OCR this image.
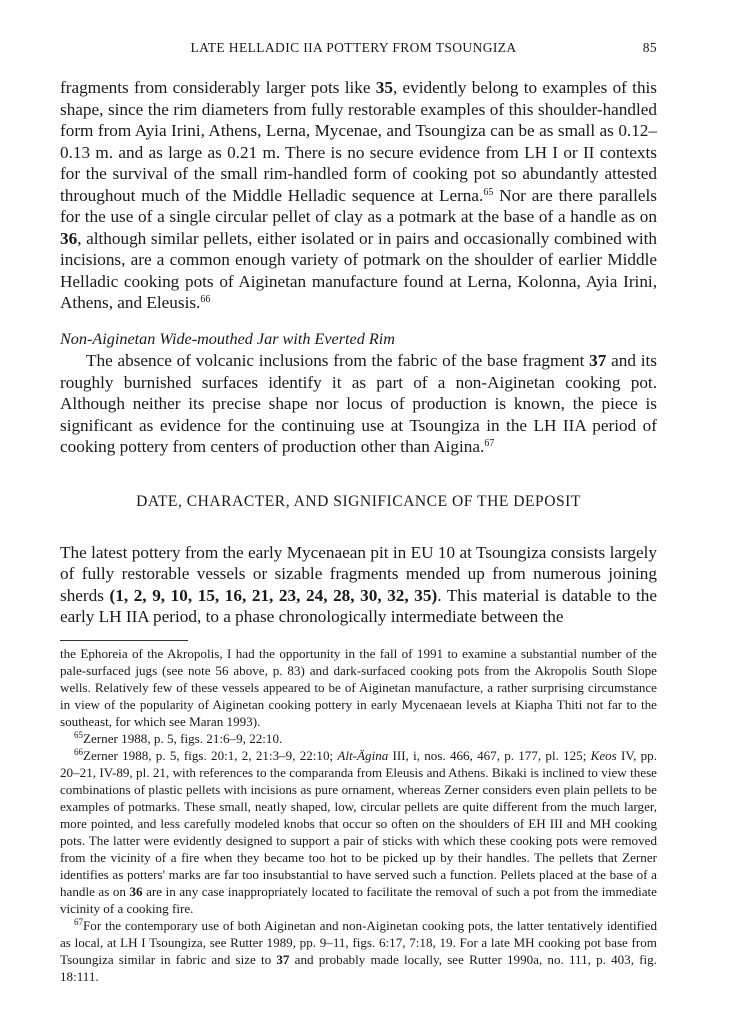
LATE HELLADIC IIA POTTERY FROM TSOUNGIZA	85

fragments from considerably larger pots like 35, evidently belong to examples of this shape, since the rim diameters from fully restorable examples of this shoulder-handled form from Ayia Irini, Athens, Lerna, Mycenae, and Tsoungiza can be as small as 0.12–0.13 m. and as large as 0.21 m. There is no secure evidence from LH I or II contexts for the survival of the small rim-handled form of cooking pot so abundantly attested throughout much of the Middle Helladic sequence at Lerna.$^{65}$ Nor are there parallels for the use of a single circular pellet of clay as a potmark at the base of a handle as on 36, although similar pellets, either isolated or in pairs and occasionally combined with incisions, are a common enough variety of potmark on the shoulder of earlier Middle Helladic cooking pots of Aiginetan manufacture found at Lerna, Kolonna, Ayia Irini, Athens, and Eleusis.$^{66}$

Non-Aiginetan Wide-mouthed Jar with Everted Rim

The absence of volcanic inclusions from the fabric of the base fragment 37 and its roughly burnished surfaces identify it as part of a non-Aiginetan cooking pot. Although neither its precise shape nor locus of production is known, the piece is significant as evidence for the continuing use at Tsoungiza in the LH IIA period of cooking pottery from centers of production other than Aigina.$^{67}$

DATE, CHARACTER, AND SIGNIFICANCE OF THE DEPOSIT

The latest pottery from the early Mycenaean pit in EU 10 at Tsoungiza consists largely of fully restorable vessels or sizable fragments mended up from numerous joining sherds (1, 2, 9, 10, 15, 16, 21, 23, 24, 28, 30, 32, 35). This material is datable to the early LH IIA period, to a phase chronologically intermediate between the

the Ephoreia of the Akropolis, I had the opportunity in the fall of 1991 to examine a substantial number of the pale-surfaced jugs (see note 56 above, p. 83) and dark-surfaced cooking pots from the Akropolis South Slope wells. Relatively few of these vessels appeared to be of Aiginetan manufacture, a rather surprising circumstance in view of the popularity of Aiginetan cooking pottery in early Mycenaean levels at Kiapha Thiti not far to the southeast, for which see Maran 1993).

$^{65}$Zerner 1988, p. 5, figs. 21:6–9, 22:10.

$^{66}$Zerner 1988, p. 5, figs. 20:1, 2, 21:3–9, 22:10; Alt-Ägina III, i, nos. 466, 467, p. 177, pl. 125; Keos IV, pp. 20–21, IV-89, pl. 21, with references to the comparanda from Eleusis and Athens. Bikaki is inclined to view these combinations of plastic pellets with incisions as pure ornament, whereas Zerner considers even plain pellets to be examples of potmarks. These small, neatly shaped, low, circular pellets are quite different from the much larger, more pointed, and less carefully modeled knobs that occur so often on the shoulders of EH III and MH cooking pots. The latter were evidently designed to support a pair of sticks with which these cooking pots were removed from the vicinity of a fire when they became too hot to be picked up by their handles. The pellets that Zerner identifies as potters' marks are far too insubstantial to have served such a function. Pellets placed at the base of a handle as on 36 are in any case inappropriately located to facilitate the removal of such a pot from the immediate vicinity of a cooking fire.

$^{67}$For the contemporary use of both Aiginetan and non-Aiginetan cooking pots, the latter tentatively identified as local, at LH I Tsoungiza, see Rutter 1989, pp. 9–11, figs. 6:17, 7:18, 19. For a late MH cooking pot base from Tsoungiza similar in fabric and size to 37 and probably made locally, see Rutter 1990a, no. 111, p. 403, fig. 18:111.
